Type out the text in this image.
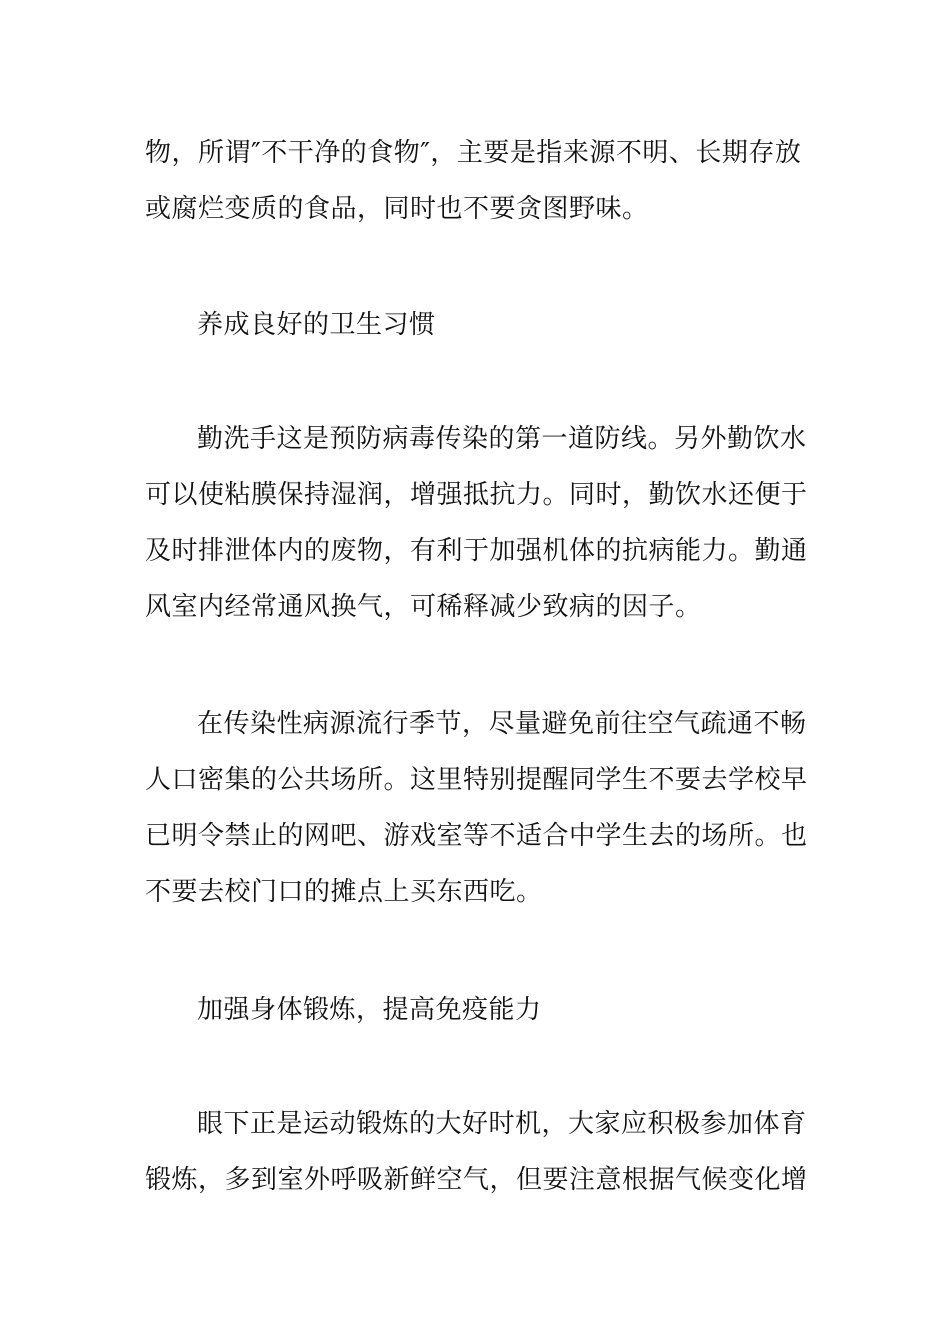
物，所谓″不干净的食物″，主要是指来源不明、长期存放
或腐烂变质的食品，同时也不要贪图野味。
养成良好的卫生习惯
勤洗手这是预防病毒传染的第一道防线。另外勤饮水
可以使粘膜保持湿润，增强抵抗力。同时，勤饮水还便于
及时排泄体内的废物，有利于加强机体的抗病能力。勤通
风室内经常通风换气，可稀释减少致病的因子。
在传染性病源流行季节，尽量避免前往空气疏通不畅
人口密集的公共场所。这里特别提醒同学生不要去学校早
已明令禁止的网吧、游戏室等不适合中学生去的场所。也
不要去校门口的摊点上买东西吃。
加强身体锻炼，提高免疫能力
眼下正是运动锻炼的大好时机，大家应积极参加体育
锻炼，多到室外呼吸新鲜空气，但要注意根据气候变化增
